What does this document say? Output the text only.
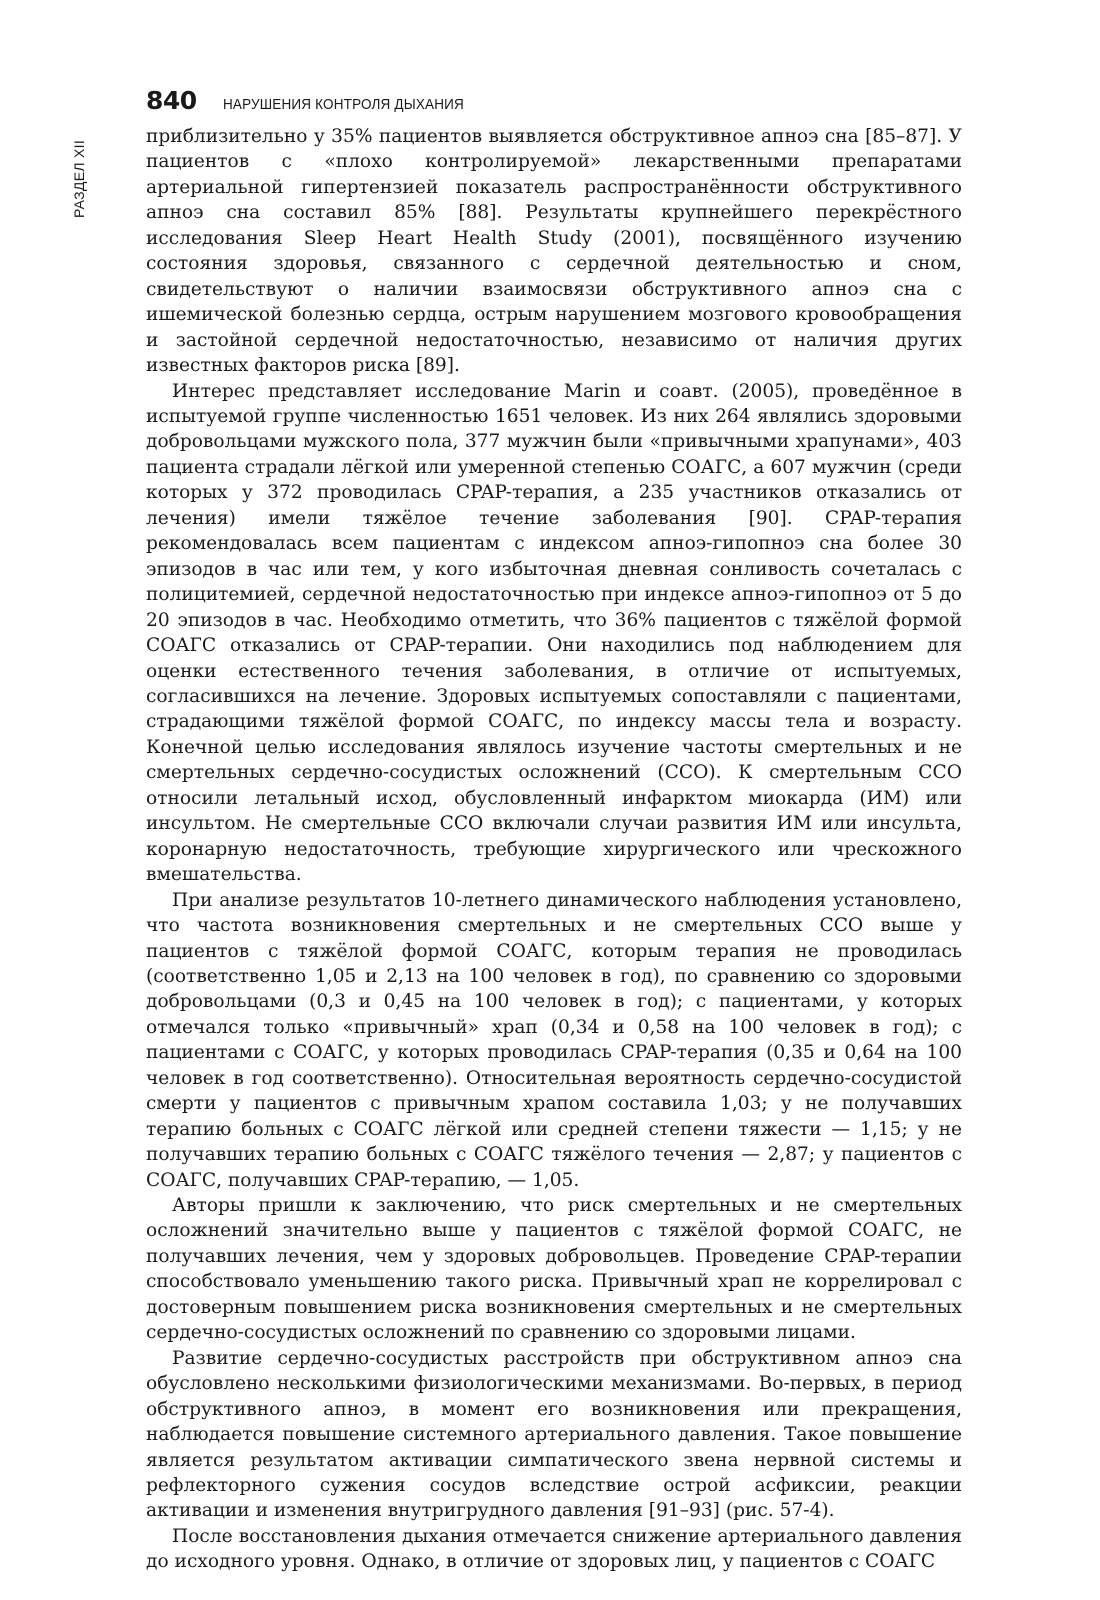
840 НАРУШЕНИЯ КОНТРОЛЯ ДЫХАНИЯ
РАЗДЕЛ XII

приблизительно у 35% пациентов выявляется обструктивное апноэ сна [85–87]. У пациентов с «плохо контролируемой» лекарственными препаратами артериальной гипертензией показатель распространённости обструктивного апноэ сна составил 85% [88]. Результаты крупнейшего перекрёстного исследования Sleep Heart Health Study (2001), посвящённого изучению состояния здоровья, связанного с сердечной деятельностью и сном, свидетельствуют о наличии взаимосвязи обструктивного апноэ сна с ишемической болезнью сердца, острым нарушением мозгового кровообращения и застойной сердечной недостаточностью, независимо от наличия других известных факторов риска [89].

Интерес представляет исследование Marin и соавт. (2005), проведённое в испытуемой группе численностью 1651 человек. Из них 264 являлись здоровыми добровольцами мужского пола, 377 мужчин были «привычными храпунами», 403 пациента страдали лёгкой или умеренной степенью СОАГС, а 607 мужчин (среди которых у 372 проводилась CPAP-терапия, а 235 участников отказались от лечения) имели тяжёлое течение заболевания [90]. CPAP-терапия рекомендовалась всем пациентам с индексом апноэ-гипопноэ сна более 30 эпизодов в час или тем, у кого избыточная дневная сонливость сочеталась с полицитемией, сердечной недостаточностью при индексе апноэ-гипопноэ от 5 до 20 эпизодов в час. Необходимо отметить, что 36% пациентов с тяжёлой формой СОАГС отказались от CPAP-терапии. Они находились под наблюдением для оценки естественного течения заболевания, в отличие от испытуемых, согласившихся на лечение. Здоровых испытуемых сопоставляли с пациентами, страдающими тяжёлой формой СОАГС, по индексу массы тела и возрасту. Конечной целью исследования являлось изучение частоты смертельных и не смертельных сердечно-сосудистых осложнений (ССО). К смертельным ССО относили летальный исход, обусловленный инфарктом миокарда (ИМ) или инсультом. Не смертельные ССО включали случаи развития ИМ или инсульта, коронарную недостаточность, требующие хирургического или чрескожного вмешательства.

При анализе результатов 10-летнего динамического наблюдения установлено, что частота возникновения смертельных и не смертельных ССО выше у пациентов с тяжёлой формой СОАГС, которым терапия не проводилась (соответственно 1,05 и 2,13 на 100 человек в год), по сравнению со здоровыми добровольцами (0,3 и 0,45 на 100 человек в год); с пациентами, у которых отмечался только «привычный» храп (0,34 и 0,58 на 100 человек в год); с пациентами с СОАГС, у которых проводилась CPAP-терапия (0,35 и 0,64 на 100 человек в год соответственно). Относительная вероятность сердечно-сосудистой смерти у пациентов с привычным храпом составила 1,03; у не получавших терапию больных с СОАГС лёгкой или средней степени тяжести — 1,15; у не получавших терапию больных с СОАГС тяжёлого течения — 2,87; у пациентов с СОАГС, получавших CPAP-терапию, — 1,05.

Авторы пришли к заключению, что риск смертельных и не смертельных осложнений значительно выше у пациентов с тяжёлой формой СОАГС, не получавших лечения, чем у здоровых добровольцев. Проведение CPAP-терапии способствовало уменьшению такого риска. Привычный храп не коррелировал с достоверным повышением риска возникновения смертельных и не смертельных сердечно-сосудистых осложнений по сравнению со здоровыми лицами.

Развитие сердечно-сосудистых расстройств при обструктивном апноэ сна обусловлено несколькими физиологическими механизмами. Во-первых, в период обструктивного апноэ, в момент его возникновения или прекращения, наблюдается повышение системного артериального давления. Такое повышение является результатом активации симпатического звена нервной системы и рефлекторного сужения сосудов вследствие острой асфиксии, реакции активации и изменения внутригрудного давления [91–93] (рис. 57-4).

После восстановления дыхания отмечается снижение артериального давления до исходного уровня. Однако, в отличие от здоровых лиц, у пациентов с СОАГС
